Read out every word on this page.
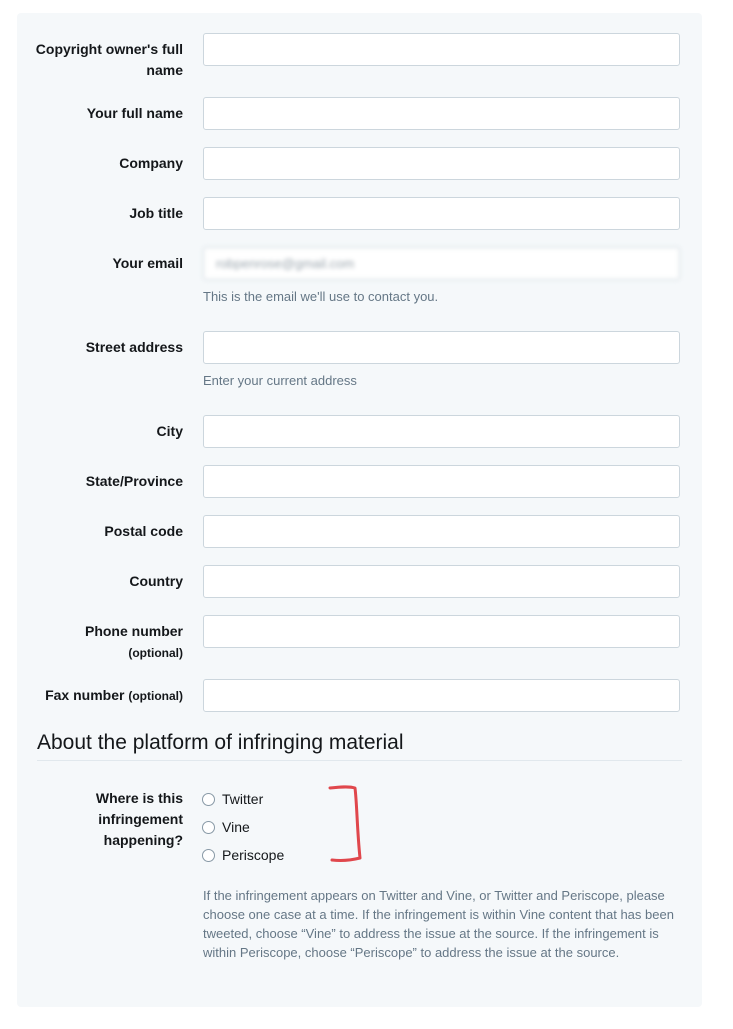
Copyright owner's full
name
Your full name
Company
Job title
Your email	robpenrose@gmail.com
This is the email we'll use to contact you.
Street address
Enter your current address
City
State/Province
Postal code
Country
Phone number
(optional)
Fax number (optional)
About the platform of infringing material
Where is this
infringement
happening?
Twitter
Vine
Periscope
If the infringement appears on Twitter and Vine, or Twitter and Periscope, please choose one case at a time. If the infringement is within Vine content that has been tweeted, choose “Vine” to address the issue at the source. If the infringement is within Periscope, choose “Periscope” to address the issue at the source.
